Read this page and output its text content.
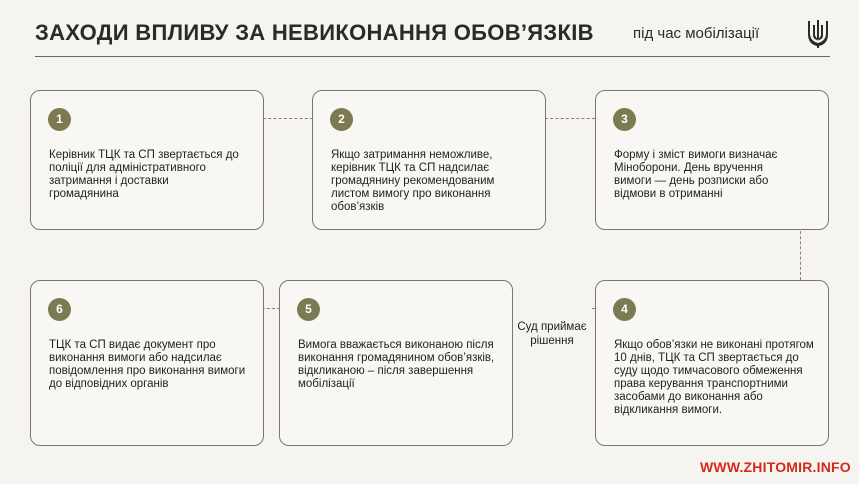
ЗАХОДИ ВПЛИВУ ЗА НЕВИКОНАННЯ ОБОВ’ЯЗКІВ	під час мобілізації
Суд приймає рішення
1
Керівник ТЦК та СП звертається до поліції для адміністративного затримання і доставки громадянина
2
Якщо затримання неможливе, керівник ТЦК та СП надсилає громадянину рекомендованим листом вимогу про виконання обов’язків
3
Форму і зміст вимоги визначає Міноборони. День вручення вимоги — день розписки або відмови в отриманні
6
ТЦК та СП видає документ про виконання вимоги або надсилає повідомлення про виконання вимоги до відповідних органів
5
Вимога вважається виконаною після виконання громадянином обов’язків, відкликаною – після завершення мобілізації
4
Якщо обов’язки не виконані протягом 10 днів, ТЦК та СП звертається до суду щодо тимчасового обмеження права керування транспортними засобами до виконання або відкликання вимоги.
WWW.ZHITOMIR.INFO
